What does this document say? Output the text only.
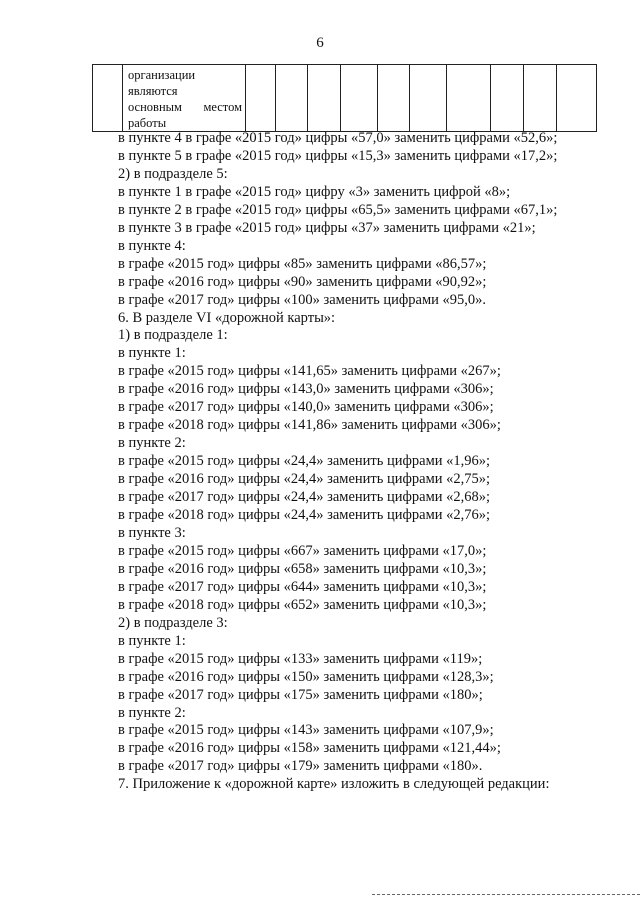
6

организации
являются
основным местом
работы

в пункте 4 в графе «2015 год» цифры «57,0» заменить цифрами «52,6»;
в пункте 5 в графе «2015 год» цифры «15,3» заменить цифрами «17,2»;
2) в подразделе 5:
в пункте 1 в графе «2015 год» цифру «3» заменить цифрой «8»;
в пункте 2 в графе «2015 год» цифры «65,5» заменить цифрами «67,1»;
в пункте 3 в графе «2015 год» цифры «37» заменить цифрами «21»;
в пункте 4:
в графе «2015 год» цифры «85» заменить цифрами «86,57»;
в графе «2016 год» цифры «90» заменить цифрами «90,92»;
в графе «2017 год» цифры «100» заменить цифрами «95,0».
6. В разделе VI «дорожной карты»:
1) в подразделе 1:
в пункте 1:
в графе «2015 год» цифры «141,65» заменить цифрами «267»;
в графе «2016 год» цифры «143,0» заменить цифрами «306»;
в графе «2017 год» цифры «140,0» заменить цифрами «306»;
в графе «2018 год» цифры «141,86» заменить цифрами «306»;
в пункте 2:
в графе «2015 год» цифры «24,4» заменить цифрами «1,96»;
в графе «2016 год» цифры «24,4» заменить цифрами «2,75»;
в графе «2017 год» цифры «24,4» заменить цифрами «2,68»;
в графе «2018 год» цифры «24,4» заменить цифрами «2,76»;
в пункте 3:
в графе «2015 год» цифры «667» заменить цифрами «17,0»;
в графе «2016 год» цифры «658» заменить цифрами «10,3»;
в графе «2017 год» цифры «644» заменить цифрами «10,3»;
в графе «2018 год» цифры «652» заменить цифрами «10,3»;
2) в подразделе 3:
в пункте 1:
в графе «2015 год» цифры «133» заменить цифрами «119»;
в графе «2016 год» цифры «150» заменить цифрами «128,3»;
в графе «2017 год» цифры «175» заменить цифрами «180»;
в пункте 2:
в графе «2015 год» цифры «143» заменить цифрами «107,9»;
в графе «2016 год» цифры «158» заменить цифрами «121,44»;
в графе «2017 год» цифры «179» заменить цифрами «180».
7. Приложение к «дорожной карте» изложить в следующей редакции:
